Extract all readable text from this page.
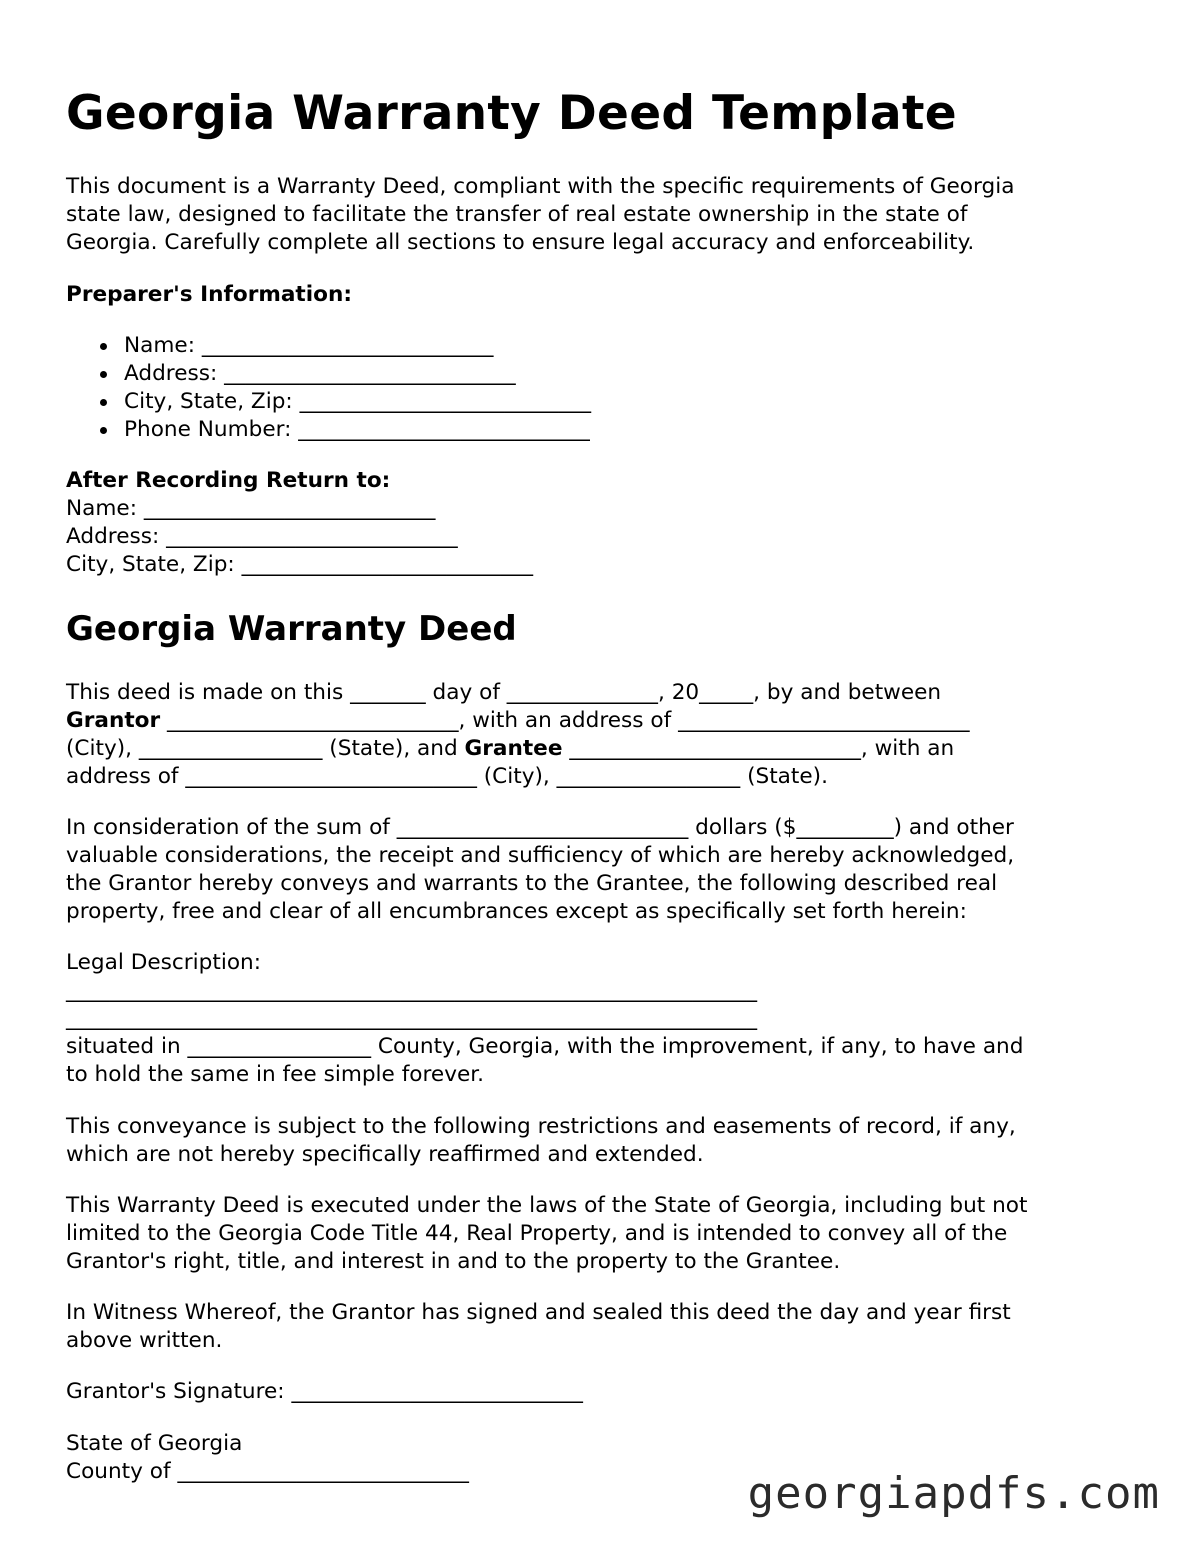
Georgia Warranty Deed Template

This document is a Warranty Deed, compliant with the specific requirements of Georgia
state law, designed to facilitate the transfer of real estate ownership in the state of
Georgia. Carefully complete all sections to ensure legal accuracy and enforceability.

Preparer's Information:

Name: ___________________________
Address: ___________________________
City, State, Zip: ___________________________
Phone Number: ___________________________
After Recording Return to:
Name: ___________________________
Address: ___________________________
City, State, Zip: ___________________________
Georgia Warranty Deed

This deed is made on this _______ day of ______________, 20_____, by and between
Grantor ___________________________, with an address of ___________________________
(City), _________________ (State), and Grantee ___________________________, with an
address of ___________________________ (City), _________________ (State).

In consideration of the sum of ___________________________ dollars ($_________) and other
valuable considerations, the receipt and sufficiency of which are hereby acknowledged,
the Grantor hereby conveys and warrants to the Grantee, the following described real
property, free and clear of all encumbrances except as specifically set forth herein:

Legal Description:
________________________________________________________________
________________________________________________________________
situated in _________________ County, Georgia, with the improvement, if any, to have and
to hold the same in fee simple forever.

This conveyance is subject to the following restrictions and easements of record, if any,
which are not hereby specifically reaffirmed and extended.

This Warranty Deed is executed under the laws of the State of Georgia, including but not
limited to the Georgia Code Title 44, Real Property, and is intended to convey all of the
Grantor's right, title, and interest in and to the property to the Grantee.

In Witness Whereof, the Grantor has signed and sealed this deed the day and year first
above written.

Grantor's Signature: ___________________________

State of Georgia
County of ___________________________	georgiapdfs.com
